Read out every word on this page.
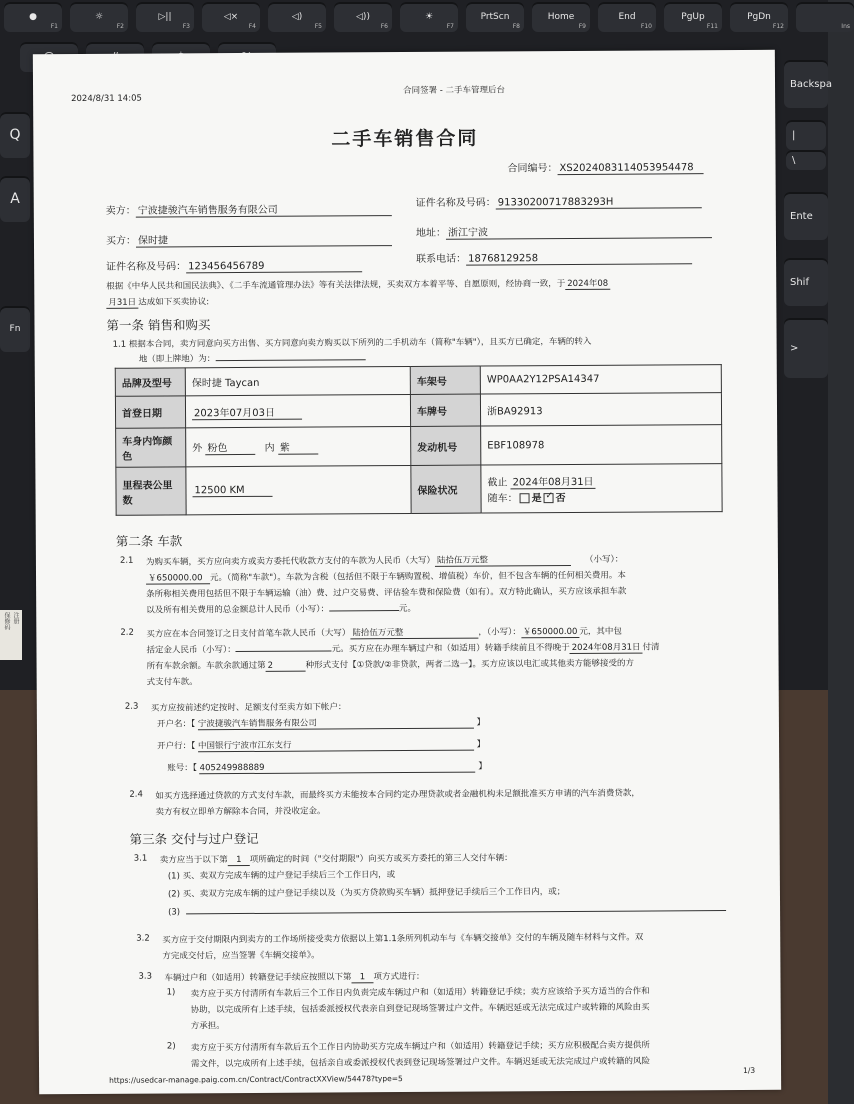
●
F1
☼
F2
▷||
F3
◁×
F4
◁)
F5
◁))
F6
☀
F7
PrtScn
F8
Home
F9
End
F10
PgUp
F11
PgDn
F12	Ins
Q
A
Fn
Backspa
Ente
Shif
>
|
\
注册
保修码
2024/8/31 14:05
合同签署 - 二手车管理后台
二手车销售合同
合同编号： XS2024083114053954478
卖方： 宁波捷骏汽车销售服务有限公司
证件名称及号码： 91330200717883293H
买方： 保时捷
地址： 浙江宁波
证件名称及号码： 123456456789
联系电话： 18768129258
根据《中华人民共和国民法典》、《二手车流通管理办法》等有关法律法规，买卖双方本着平等、自愿原则，经协商一致，于 2024年08
月31日 达成如下买卖协议:
第一条 销售和购买
1.1 根据本合同，卖方同意向买方出售、买方同意向卖方购买以下所列的二手机动车（简称"车辆"），且买方已确定，车辆的转入
地（即上牌地）为：
品牌及型号	保时捷 Taycan	车架号	WP0AA2Y12PSA14347
首登日期	2023年07月03日	车牌号	浙BA92913
车身内饰颜色	外 粉色 内 紫	发动机号	EBF108978
里程表公里数	12500 KM	保险状况	截止 2024年08月31日
随车： 是 ✓ 否
第二条 车款
2.1 为购买车辆，买方应向卖方或卖方委托代收款方支付的车款为人民币（大写） 陆拾伍万元整	（小写）：
￥650000.00 元。（简称"车款"）。车款为含税（包括但不限于车辆购置税、增值税）车价，但不包含车辆的任何相关费用。本
条所称相关费用包括但不限于车辆运输（油）费、过户交易费、评估验车费和保险费（如有）。双方特此确认，买方应该承担车款
以及所有相关费用的总金额总计人民币（小写）：	元。
2.2 买方应在本合同签订之日支付首笔车款人民币（大写） 陆拾伍万元整	，（小写）： ￥650000.00 元，其中包
括定金人民币（小写）：	元。买方应在办理车辆过户和（如适用）转籍手续前且不得晚于 2024年08月31日 付清
所有车款余额。车款余款通过第 2	种形式支付【①贷款/②非贷款，两者二选一】。买方应该以电汇或其他卖方能够接受的方
式支付车款。
2.3 买方应按前述约定按时、足额支付至卖方如下帐户：
开户名：【 宁波捷骏汽车销售服务有限公司	】
开户行：【 中国银行宁波市江东支行	】
账号：【 405249988889	】
2.4 如买方选择通过贷款的方式支付车款，而最终买方未能按本合同约定办理贷款或者金融机构未足额批准买方申请的汽车消费贷款，
卖方有权立即单方解除本合同，并没收定金。
第三条 交付与过户登记
3.1 卖方应当于以下第 1 项所确定的时间（"交付期限"）向买方或买方委托的第三人交付车辆：
(1) 买、卖双方完成车辆的过户登记手续后三个工作日内，或
(2) 买、卖双方完成车辆的过户登记手续以及（为买方贷款购买车辆）抵押登记手续后三个工作日内，或；
(3)
3.2 买方应于交付期限内到卖方的工作场所接受卖方依据以上第1.1条所列机动车与《车辆交接单》交付的车辆及随车材料与文件。双
方完成交付后，应当签署《车辆交接单》。
3.3 车辆过户和（如适用）转籍登记手续应按照以下第 1 项方式进行：
1) 卖方应于买方付清所有车款后三个工作日内负责完成车辆过户和（如适用）转籍登记手续；卖方应该给予买方适当的合作和
协助，以完成所有上述手续，包括委派授权代表亲自到登记现场签署过户文件。车辆迟延或无法完成过户或转籍的风险由买
方承担。
2) 卖方应于买方付清所有车款后五个工作日内协助买方完成车辆过户和（如适用）转籍登记手续；买方应积极配合卖方提供所
需文件，以完成所有上述手续，包括亲自或委派授权代表到登记现场签署过户文件。车辆迟延或无法完成过户或转籍的风险
https://usedcar-manage.paig.com.cn/Contract/ContractXXView/54478?type=5
1/3
